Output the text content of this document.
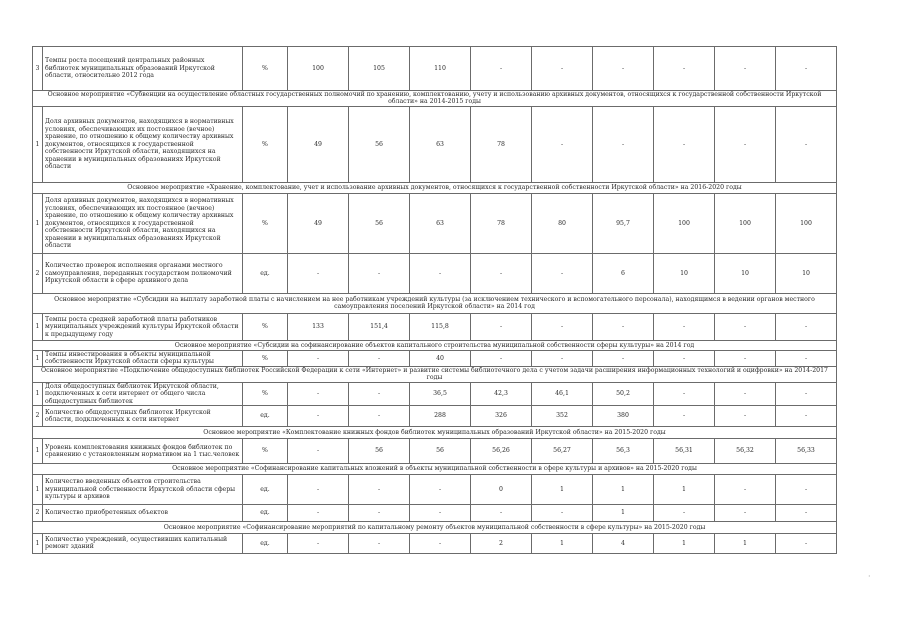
3	Темпы роста посещений центральных районных библиотек муниципальных образований Иркутской области, относительно 2012 года	%	100	105	110	-	-	-	-	-	-
Основное мероприятие «Субвенции на осуществление областных государственных полномочий по хранению, комплектованию, учету и использованию архивных документов, относящихся к государственной собственности Иркутской области» на 2014-2015 годы											
1	Доля архивных документов, находящихся в нормативных условиях, обеспечивающих их постоянное (вечное) хранение, по отношению к общему количеству архивных документов, относящихся к государственной собственности Иркутской области, находящихся на хранении в муниципальных образованиях Иркутской области	%	49	56	63	78	-	-	-	-	-
Основное мероприятие «Хранение, комплектование, учет и использование архивных документов, относящихся к государственной собственности Иркутской области» на 2016-2020 годы											
1	Доля архивных документов, находящихся в нормативных условиях, обеспечивающих их постоянное (вечное) хранение, по отношению к общему количеству архивных документов, относящихся к государственной собственности Иркутской области, находящихся на хранении в муниципальных образованиях Иркутской области	%	49	56	63	78	80	95,7	100	100	100
2	Количество проверок исполнения органами местного самоуправления, переданных государством полномочий Иркутской области в сфере архивного дела	ед.	-	-	-	-	-	6	10	10	10
Основное мероприятие «Субсидии на выплату заработной платы с начислением на нее работникам учреждений культуры (за исключением технического и вспомогательного персонала), находящимся в ведении органов местного самоуправления поселений Иркутской области» на 2014 год											
1	Темпы роста средней заработной платы работников муниципальных учреждений культуры Иркутской области к предыдущему году	%	133	151,4	115,8	-	-	-	-	-	-
Основное мероприятие «Субсидии на софинансирование объектов капитального строительства муниципальной собственности сферы культуры» на 2014 год											
1	Темпы инвестирования в объекты муниципальной собственности Иркутской области сферы культуры	%	-	-	40	-	-	-	-	-	-
Основное мероприятие «Подключение общедоступных библиотек Российской Федерации к сети «Интернет» и развитие системы библиотечного дела с учетом задачи расширения информационных технологий и оцифровки» на 2014-2017 годы											
1	Доля общедоступных библиотек Иркутской области, подключенных к сети интернет от общего числа общедоступных библиотек	%	-	-	36,5	42,3	46,1	50,2	-	-	-
2	Количество общедоступных библиотек Иркутской области, подключенных к сети интернет	ед.	-	-	288	326	352	380	-	-	-
Основное мероприятие «Комплектование книжных фондов библиотек муниципальных образований Иркутской области» на 2015-2020 годы											
1	Уровень комплектования книжных фондов библиотек по сравнению с установленным нормативом на 1 тыс.человек	%	-	56	56	56,26	56,27	56,3	56,31	56,32	56,33
Основное мероприятие «Софинансирование капитальных вложений в объекты муниципальной собственности в сфере культуры и архивов» на 2015-2020 годы											
1	Количество введенных объектов строительства муниципальной собственности Иркутской области сферы культуры и архивов	ед.	-	-	-	0	1	1	1	-	-
2	Количество приобретенных объектов	ед.	-	-	-	-	-	1	-	-	-
Основное мероприятие «Софинансирование мероприятий по капитальному ремонту объектов муниципальной собственности в сфере культуры» на 2015-2020 годы											
1	Количество учреждений, осуществивших капитальный ремонт зданий	ед.	-	-	-	2	1	4	1	1	-
·
